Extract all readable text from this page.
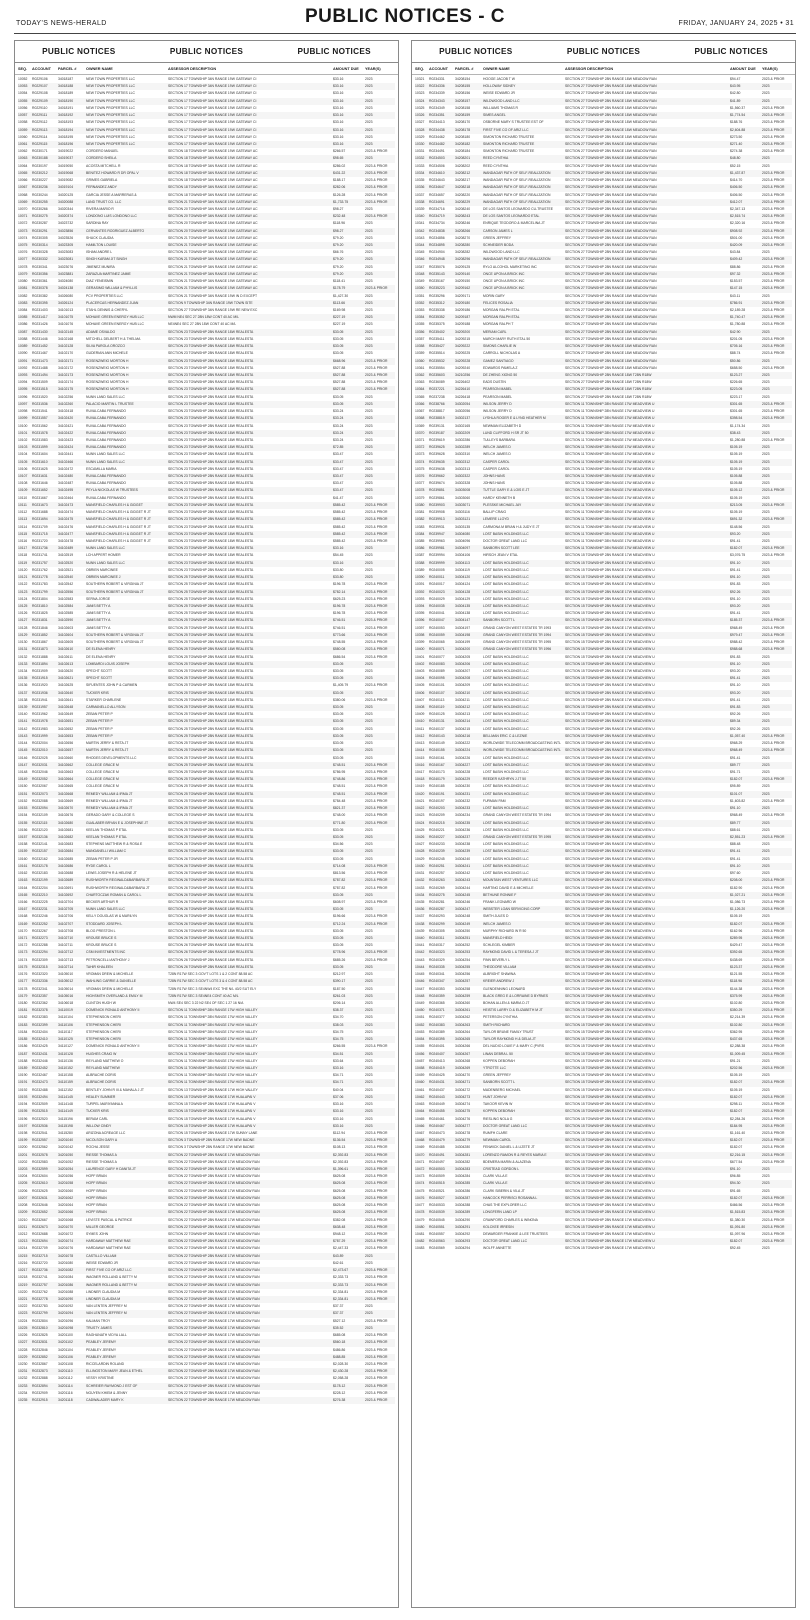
TODAY'S NEWS-HERALD	PUBLIC NOTICES - C	FRIDAY, JANUARY 24, 2025 • 31
PUBLIC NOTICES	PUBLIC NOTICES	PUBLIC NOTICES
SEQ.	ACCOUNT	PARCEL #	OWNER NAME	ASSESSOR DESCRIPTION	AMOUNT DUE	YEAR(S)
10052	R0229106	34018187	NEW TOWN PROPERTIES LLC	SECTION 17 TOWNSHIP 34N RANGE 19W GATEWAY CI	$33.16	2023
10053	R0229107	34018188	NEW TOWN PROPERTIES LLC	SECTION 17 TOWNSHIP 34N RANGE 19W GATEWAY CI	$33.16	2023
10054	R0229108	34018189	NEW TOWN PROPERTIES LLC	SECTION 17 TOWNSHIP 34N RANGE 19W GATEWAY CI	$33.16	2023
10055	R0229109	34018190	NEW TOWN PROPERTIES LLC	SECTION 17 TOWNSHIP 34N RANGE 19W GATEWAY CI	$33.16	2023
10056	R0229110	34018191	NEW TOWN PROPERTIES LLC	SECTION 17 TOWNSHIP 34N RANGE 19W GATEWAY CI	$33.16	2023
10057	R0229111	34018192	NEW TOWN PROPERTIES LLC	SECTION 17 TOWNSHIP 34N RANGE 19W GATEWAY CI	$33.16	2023
10058	R0229112	34018193	NEW TOWN PROPERTIES LLC	SECTION 17 TOWNSHIP 34N RANGE 19W GATEWAY CI	$33.16	2023
10059	R0229113	34018194	NEW TOWN PROPERTIES LLC	SECTION 17 TOWNSHIP 34N RANGE 19W GATEWAY CI	$33.16	2023
10060	R0229114	34018195	NEW TOWN PROPERTIES LLC	SECTION 17 TOWNSHIP 34N RANGE 19W GATEWAY CI	$33.16	2023
10061	R0229115	34018196	NEW TOWN PROPERTIES LLC	SECTION 17 TOWNSHIP 34N RANGE 19W GATEWAY CI	$33.16	2023
10062	R0230171	34019022	CORDERO MANUEL	SECTION 18 TOWNSHIP 34N RANGE 19W GATEWAY AC	$266.57	2023 & PRIOR
10063	R0230188	34019037	CORDERO SHEILA	SECTION 18 TOWNSHIP 34N RANGE 19W GATEWAY AC	$98.65	2023
10064	R0230197	34019050	ACOSTA MITCHELL R	SECTION 18 TOWNSHIP 34N RANGE 19W GATEWAY AC	$286.02	2023 & PRIOR
10065	R0230212	34019068	BENITEZ HOWARD R DR OPAL V	SECTION 18 TOWNSHIP 34N RANGE 19W GATEWAY AC	$431.22	2023 & PRIOR
10066	R0230227	34019082	GRIMES GABRIELA	SECTION 18 TOWNSHIP 34N RANGE 19W GATEWAY AC	$188.17	2023 & PRIOR
10067	R0230236	34019104	FERNANDEZ ANDY	SECTION 18 TOWNSHIP 34N RANGE 19W GATEWAY AC	$282.06	2023 & PRIOR
10068	R0230244	34020125	GARCIA JESSE A MARRERAS &	SECTION 18 TOWNSHIP 34N RANGE 19W GATEWAY AC	$126.28	2023 & PRIOR
10069	R0230255	34020088	LAND TRUST CO. LLC	SECTION 21 TOWNSHIP 34N RANGE 19W GATEWAY AC	$1,733.75	2023 & PRIOR
10070	R0230266	34020344	RIVERA MARIO R	SECTION 20 TOWNSHIP 34N RANGE 19W GATEWAY AC	$98.27	2023
10071	R0230275	34020374	LONDONO LUIS LONDONO LLC	SECTION 20 TOWNSHIP 34N RANGE 19W GATEWAY AC	$232.48	2023 & PRIOR
10072	R0230287	34023732	SARDINA RAY	SECTION 20 TOWNSHIP 34N RANGE 19W GATEWAY AC	$118.96	2023
10073	R0230291	34023856	CERVANTES RODRIGUEZ ALBERTO	SECTION 20 TOWNSHIP 34N RANGE 19W GATEWAY AC	$98.27	2023
10074	R0230305	34023526	SHUCK CLAUDIA	SECTION 21 TOWNSHIP 34N RANGE 19W GATEWAY AC	$79.20	2023
10075	R0230314	34023305	HAMILTON LOUISE	SECTION 21 TOWNSHIP 34N RANGE 19W GATEWAY AC	$79.20	2023
10076	R0230328	34023083	ISHAM ANDRE L	SECTION 21 TOWNSHIP 34N RANGE 19W GATEWAY AC	$66.76	2023
10077	R0230332	34023081	SINGH KARAM JIT SINGH	SECTION 21 TOWNSHIP 34N RANGE 19W GATEWAY AC	$79.20	2023
10078	R0230341	34023076	JIMENEZ MUNIRA	SECTION 21 TOWNSHIP 34N RANGE 19W GATEWAY AC	$79.20	2023
10079	R0230356	34023881	ZARAZUA MARTINEZ JAIME	SECTION 21 TOWNSHIP 34N RANGE 19W GATEWAY AC	$79.20	2023
10080	R0230361	34024080	DIAZ YENEISMIN	SECTION 21 TOWNSHIP 34N RANGE 19W GATEWAY AC	$118.41	2023
10081	R0230378	34024138	GERASIMO WILLIAM & PHYLLIS	SECTION 21 TOWNSHIP 34N RANGE 19W GATEWAY AC	$178.79	2023 & PRIOR
10082	R0230382	34026080	PCV PROPERTIES LLC	SECTION 21 TOWNSHIP 34N RANGE 19W IN D EXCEPT	$1,427.30	2023
10083	R0230395	34026124	PLACERCAS HERNANDEZ JUAN	SECTION 9 TOWNSHIP 34N RANGE 19W TOWN SITE	$113.66	2023
10084	R0231403	34101013	STAHL DENNIS & CHERYL	SECTION 27 TOWNSHIP 34N RANGE 19W RE NEW EXC	$169.98	2023
10085	R0231417	34101075	MOHAVE GREEN ENERGY HUB LLC	NWM NE4 SEC 27 28N 18W CONT 40 AC M/L	$227.19	2023
10086	R0231426	34101076	MOHAVE GREEN ENERGY HUB LLC	NE4NE4 SEC 27 28N 18W CONT 40 AC M/L	$227.19	2023
10087	R0231430	34102145	ADAME OSVALDO	SECTION 23 TOWNSHIP 28N RANGE 18W REALESTA	$33.05	2023
10088	R0231446	34102168	MITCHELL DELBERT H & THELMA	SECTION 23 TOWNSHIP 28N RANGE 18W REALESTA	$33.05	2023
10089	R0231452	34102128	SILVA PAROLA OROZCO	SECTION 23 TOWNSHIP 28N RANGE 18W REALESTA	$33.05	2023
10090	R0231467	34102170	GUDERIAN ANN MICHELE	SECTION 23 TOWNSHIP 28N RANGE 18W REALESTA	$33.05	2023
10091	R0231473	34102171	ROSENZWEIG MORTON H	SECTION 23 TOWNSHIP 28N RANGE 18W REALESTA	$668.96	2023 & PRIOR
10092	R0231488	34102172	ROSENZWEIG MORTON H	SECTION 23 TOWNSHIP 28N RANGE 18W REALESTA	$527.88	2023 & PRIOR
10093	R0231494	34102173	ROSENZWEIG MORTON H	SECTION 23 TOWNSHIP 28N RANGE 18W REALESTA	$527.88	2023 & PRIOR
10094	R0231509	34102174	ROSENZWEIG MORTON H	SECTION 23 TOWNSHIP 28N RANGE 18W REALESTA	$527.88	2023 & PRIOR
10095	R0231515	34102175	ROSENZWEIG MORTON H	SECTION 23 TOWNSHIP 28N RANGE 18W REALESTA	$527.88	2023 & PRIOR
10096	R0231520	34102256	NUNN LAND SALES LLC	SECTION 23 TOWNSHIP 28N RANGE 18W REALESTA	$33.05	2023
10097	R0231536	34102260	PALACIO MARTIN L TRUSTEE	SECTION 23 TOWNSHIP 28N RANGE 18W REALESTA	$33.05	2023
10098	R0231541	34102418	RUVALCABA FERNANDO	SECTION 23 TOWNSHIP 28N RANGE 18W REALESTA	$33.24	2023
10099	R0231557	34102420	RUVALCABA FERNANDO	SECTION 23 TOWNSHIP 28N RANGE 18W REALESTA	$33.24	2023
10100	R0231562	34102421	RUVALCABA FERNANDO	SECTION 23 TOWNSHIP 28N RANGE 18W REALESTA	$33.24	2023
10101	R0231578	34102422	RUVALCABA FERNANDO	SECTION 23 TOWNSHIP 28N RANGE 18W REALESTA	$33.24	2023
10102	R0231583	34102423	RUVALCABA FERNANDO	SECTION 23 TOWNSHIP 28N RANGE 18W REALESTA	$33.24	2023
10103	R0231599	34102424	RUVALCABA FERNANDO	SECTION 23 TOWNSHIP 28N RANGE 18W REALESTA	$72.85	2023
10104	R0231604	34102441	NUNN LAND SALES LLC	SECTION 23 TOWNSHIP 28N RANGE 18W REALESTA	$33.47	2023
10105	R0231610	34102466	NUNN LAND SALES LLC	SECTION 23 TOWNSHIP 28N RANGE 18W REALESTA	$33.47	2023
10106	R0231625	34102472	ESCAMILLA MARIA	SECTION 23 TOWNSHIP 28N RANGE 18W REALESTA	$33.47	2023
10107	R0231631	34102480	RUVALCABA FERNANDO	SECTION 23 TOWNSHIP 28N RANGE 18W REALESTA	$33.47	2023
10108	R0231646	34102487	RUVALCABA FERNANDO	SECTION 23 TOWNSHIP 28N RANGE 18W REALESTA	$33.47	2023
10109	R0231652	34102495	PEYLA NICKOLAS W TRUSTEES	SECTION 23 TOWNSHIP 28N RANGE 18W REALESTA	$33.47	2023
10110	R0231667	34102464	RUVALCABA FERNANDO	SECTION 23 TOWNSHIP 28N RANGE 18W REALESTA	$41.47	2023
10111	R0231673	34102473	MANSFIELD CHARLES H & GIDGET	SECTION 23 TOWNSHIP 28N RANGE 18W REALESTA	$585.42	2023 & PRIOR
10112	R0231688	34102474	MANSFIELD CHARLES H & GIDGET R JT	SECTION 23 TOWNSHIP 28N RANGE 18W REALESTA	$585.42	2023 & PRIOR
10113	R0231694	34102475	MANSFIELD CHARLES H & GIDGET R JT	SECTION 23 TOWNSHIP 28N RANGE 18W REALESTA	$585.42	2023 & PRIOR
10114	R0231709	34102476	MANSFIELD CHARLES H & GIDGET R JT	SECTION 23 TOWNSHIP 28N RANGE 18W REALESTA	$585.42	2023 & PRIOR
10115	R0231715	34102477	MANSFIELD CHARLES H & GIDGET R JT	SECTION 23 TOWNSHIP 28N RANGE 18W REALESTA	$585.42	2023 & PRIOR
10116	R0231720	34102478	MANSFIELD CHARLES H & GIDGET R JT	SECTION 23 TOWNSHIP 28N RANGE 18W REALESTA	$585.42	2023 & PRIOR
10117	R0231736	34102489	NUNN LAND SALES LLC	SECTION 23 TOWNSHIP 28N RANGE 18W REALESTA	$33.16	2023
10118	R0231741	34102519	LCH APPERT HOMER	SECTION 23 TOWNSHIP 28N RANGE 18W REALESTA	$54.45	2023
10119	R0231757	34102520	NUNN LAND SALES LLC	SECTION 23 TOWNSHIP 28N RANGE 18W REALESTA	$33.16	2023
10120	R0231762	34102521	OBRIEN MARCINEE	SECTION 23 TOWNSHIP 28N RANGE 18W REALESTA	$33.80	2023
10121	R0231778	34102540	OBRIEN MARCINEE J	SECTION 25 TOWNSHIP 28N RANGE 18W REALESTA	$33.80	2023
10122	R0231783	34102542	SOUTHERN ROBERT & VIRGINIA JT	SECTION 25 TOWNSHIP 28N RANGE 18W REALESTA	$196.78	2023 & PRIOR
10123	R0231799	34102556	SOUTHERN ROBERT & VIRGINIA JT	SECTION 25 TOWNSHIP 28N RANGE 18W REALESTA	$782.14	2023 & PRIOR
10124	R0231804	34102583	SERNA JORGE	SECTION 25 TOWNSHIP 28N RANGE 18W REALESTA	$625.23	2023 & PRIOR
10125	R0231810	34102584	JANIS BETTY A	SECTION 25 TOWNSHIP 28N RANGE 18W REALESTA	$196.78	2023 & PRIOR
10126	R0231825	34102585	JANIS BETTY A	SECTION 25 TOWNSHIP 28N RANGE 18W REALESTA	$196.78	2023 & PRIOR
10127	R0231831	34102590	JANIS BETTY A	SECTION 25 TOWNSHIP 28N RANGE 18W REALESTA	$746.51	2023 & PRIOR
10128	R0231846	34102603	JANIS BETTY A	SECTION 25 TOWNSHIP 28N RANGE 18W REALESTA	$746.51	2023 & PRIOR
10129	R0231852	34102604	SOUTHERN ROBERT & VIRGINIA JT	SECTION 25 TOWNSHIP 28N RANGE 18W REALESTA	$773.66	2023 & PRIOR
10130	R0231867	34102605	SOUTHERN ROBERT & VIRGINIA JT	SECTION 25 TOWNSHIP 28N RANGE 18W REALESTA	$748.55	2023 & PRIOR
10131	R0231873	34102610	DE ELENA HENRY	SECTION 25 TOWNSHIP 28N RANGE 18W REALESTA	$580.08	2023 & PRIOR
10132	R0231888	34102611	DE ELENA HENRY	SECTION 25 TOWNSHIP 28N RANGE 18W REALESTA	$686.54	2023 & PRIOR
10133	R0231894	34102613	LOMBARDI LOUIS JOSEPH	SECTION 25 TOWNSHIP 28N RANGE 18W REALESTA	$33.05	2023
10134	R0231909	34102620	SPECHT SCOTT	SECTION 25 TOWNSHIP 28N RANGE 18W REALESTA	$33.05	2023
10135	R0231915	34102621	SPECHT SCOTT	SECTION 25 TOWNSHIP 28N RANGE 18W REALESTA	$33.05	2023
10136	R0231920	34102625	SIFUENTES JOHN P & CARMEN	SECTION 25 TOWNSHIP 28N RANGE 18W REALESTA	$1,405.79	2023 & PRIOR
10137	R0231936	34102640	TUCKER KRIS	SECTION 25 TOWNSHIP 28N RANGE 18W REALESTA	$33.05	2023
10138	R0231941	34102641	STARKER CHARLENE	SECTION 25 TOWNSHIP 28N RANGE 18W REALESTA	$380.06	2023 & PRIOR
10139	R0231957	34102648	CARMANELLO ALLYSON	SECTION 25 TOWNSHIP 28N RANGE 18W REALESTA	$33.05	2023
10140	R0231962	34102649	ZEBAN PETER P	SECTION 25 TOWNSHIP 28N RANGE 18W REALESTA	$33.05	2023
10141	R0231978	34102651	ZEBAN PETER P	SECTION 25 TOWNSHIP 28N RANGE 18W REALESTA	$33.05	2023
10142	R0231983	34102652	ZEBAN PETER P	SECTION 25 TOWNSHIP 28N RANGE 18W REALESTA	$33.05	2023
10143	R0231999	34102653	ZEBAN PETER P	SECTION 25 TOWNSHIP 28N RANGE 18W REALESTA	$33.05	2023
10144	R0232004	34102656	MARTIN JERRY & RETA JT	SECTION 25 TOWNSHIP 28N RANGE 18W REALESTA	$33.05	2023
10145	R0232010	34102657	MARTIN JERRY & RETA JT	SECTION 25 TOWNSHIP 28N RANGE 18W REALESTA	$33.05	2023
10146	R0232025	34102660	RHODES DEVELOPMENTS LLC	SECTION 25 TOWNSHIP 28N RANGE 18W REALESTA	$33.05	2023
10147	R0232031	34102662	COLLEGE GRACE M	SECTION 25 TOWNSHIP 28N RANGE 18W REALESTA	$748.51	2023 & PRIOR
10148	R0232046	34102663	COLLEGE GRACE M	SECTION 25 TOWNSHIP 28N RANGE 18W REALESTA	$786.95	2023 & PRIOR
10149	R0232052	34102664	COLLEGE GRACE M	SECTION 25 TOWNSHIP 28N RANGE 18W REALESTA	$748.86	2023 & PRIOR
10150	R0232067	34102665	COLLEGE GRACE M	SECTION 25 TOWNSHIP 28N RANGE 18W REALESTA	$748.51	2023 & PRIOR
10151	R0232073	34102668	REMEDY WILLIAM & IRMA JT	SECTION 25 TOWNSHIP 28N RANGE 18W REALESTA	$748.51	2023 & PRIOR
10152	R0232088	34102669	REMEDY WILLIAM & IRMA JT	SECTION 25 TOWNSHIP 28N RANGE 18W REALESTA	$784.48	2023 & PRIOR
10153	R0232094	34102670	REMEDY WILLIAM & IRMA JT	SECTION 25 TOWNSHIP 28N RANGE 18W REALESTA	$821.37	2023 & PRIOR
10154	R0232109	34102676	GERADO GARY & COLLEGE S	SECTION 25 TOWNSHIP 28N RANGE 18W REALESTA	$748.00	2023 & PRIOR
10155	R0232115	34102680	GUALABER BRYAN E & JOSEPHINE JT	SECTION 25 TOWNSHIP 28N RANGE 18W REALESTA	$771.80	2023 & PRIOR
10156	R0232120	34102681	KEELAN THOMAS P ETAL	SECTION 25 TOWNSHIP 28N RANGE 18W REALESTA	$33.05	2023
10157	R0232136	34102682	KEELAN THOMAS P ETAL	SECTION 25 TOWNSHIP 28N RANGE 18W REALESTA	$33.05	2023
10158	R0232141	34102683	STEPHENS MATTHEW R & ROSA E	SECTION 26 TOWNSHIP 28N RANGE 18W REALESTA	$34.56	2023
10159	R0232157	34102684	MANGANELLI WILLIAM C	SECTION 26 TOWNSHIP 28N RANGE 18W REALESTA	$33.05	2023
10160	R0232162	34102685	ZEBAN PETER P JR	SECTION 26 TOWNSHIP 28N RANGE 18W REALESTA	$33.05	2023
10161	R0232178	34102686	RYDE CAROL L	SECTION 26 TOWNSHIP 28N RANGE 18W REALESTA	$714.08	2023 & PRIOR
10162	R0232183	34102688	LEWIS JOSEPH R & HELENE JT	SECTION 26 TOWNSHIP 28N RANGE 18W REALESTA	$813.56	2023 & PRIOR
10163	R0232199	34102689	RUSHWORTH REGINALD&BARBARA JT	SECTION 26 TOWNSHIP 28N RANGE 18W REALESTA	$787.82	2023 & PRIOR
10164	R0232204	34102691	RUSHWORTH REGINALD&BARBARA JT	SECTION 26 TOWNSHIP 28N RANGE 18W REALESTA	$787.82	2023 & PRIOR
10165	R0232210	34102692	CHARTOCZAK ROMAN & CAROL L	SECTION 26 TOWNSHIP 28N RANGE 18W REALESTA	$33.05	2023
10166	R0232225	34102704	BECKER ARTHUR R	SECTION 26 TOWNSHIP 28N RANGE 18W REALESTA	$608.97	2023 & PRIOR
10167	R0232231	34102705	NUNN LAND SALES LLC	SECTION 26 TOWNSHIP 28N RANGE 18W REALESTA	$33.05	2023
10168	R0232246	34102706	KELLY DOUGLAS W & MARILYN	SECTION 26 TOWNSHIP 28N RANGE 18W REALESTA	$196.66	2023 & PRIOR
10169	R0232252	34102707	STODDARD JOSEPH L	SECTION 26 TOWNSHIP 28N RANGE 18W REALESTA	$712.24	2023 & PRIOR
10170	R0232267	34102708	BLOG PRESTON L	SECTION 26 TOWNSHIP 28N RANGE 18W REALESTA	$33.05	2023
10171	R0232273	34102710	KROUSE BRUCE S	SECTION 26 TOWNSHIP 28N RANGE 18W REALESTA	$33.05	2023
10172	R0232288	34102711	KROUSE BRUCE S	SECTION 26 TOWNSHIP 28N RANGE 18W REALESTA	$33.05	2023
10173	R0232294	34102712	CSM INVESTMENTS INC	SECTION 26 TOWNSHIP 28N RANGE 18W REALESTA	$778.96	2023 & PRIOR
10174	R0232309	34102713	PETRONCELLI ANTHONY J	SECTION 26 TOWNSHIP 28N RANGE 18W REALESTA	$685.26	2023 & PRIOR
10175	R0232315	34102714	TAHIR KHALEEN	SECTION 26 TOWNSHIP 28N RANGE 18W REALESTA	$33.05	2023
10176	R0232320	34105010	VROMAN DREW & MICHELLE	T28N R17W SEC 3 GOV'T LOTS 1 & 2 CONT 88.58 AC	$212.97	2023
10177	R0232336	34105012	WAHLING CARRIE & DANIELLE	T28N R17W SEC 3 GOV'T LOTS 3 & 4 CONT 88.58 AC	$390.17	2023
10178	R0232341	34105014	VROMAN DREW & MICHELLE	T28N R17W SEC 3 SE4NW4 EXC THE N/L 40/2 SUT ELY	$187.50	2023
10179	R0232357	34105016	HIGHSMITH OVERLAND & EMILY M	T28N R17W SEC 3 SE4NE4 CONT 40 AC M/L	$261.03	2023
10180	R0232362	34106018	CLINTON HUGH W	NW4 SE4 SEC 3 22 N2 SE4 OF SEC 1 27 16 N/A	$206.14	2023
10181	R0232378	34110019	DOMENICK RONALD ANTHONY II	SECTION 11 TOWNSHIP 28N RANGE 17W HIGH VALLEY	$38.37	2023
10182	R0232383	34110104	STEPHENSON CHERI	SECTION 11 TOWNSHIP 28N RANGE 17W HIGH VALLEY	$34.70	2023
10183	R0232399	34110106	STEPHENSON CHERI	SECTION 11 TOWNSHIP 28N RANGE 17W HIGH VALLEY	$38.03	2023
10184	R0232404	34110117	STEPHENSON CHERI	SECTION 11 TOWNSHIP 28N RANGE 17W HIGH VALLEY	$34.75	2023
10185	R0232410	34110125	STEPHENSON CHERI	SECTION 11 TOWNSHIP 28N RANGE 17W HIGH VALLEY	$34.75	2023
10186	R0232425	34110127	DOMENICK RONALD ANTHONY II	SECTION 11 TOWNSHIP 28N RANGE 17W HIGH VALLEY	$266.55	2023 & PRIOR
10187	R0232431	34110128	HUGHES CRAIG W	SECTION 11 TOWNSHIP 28N RANGE 17W HIGH VALLEY	$34.51	2023
10188	R0232446	34110136	REYLAND MATTHEW O	SECTION 11 TOWNSHIP 28N RANGE 17W HIGH VALLEY	$33.64	2023
10189	R0232452	34110152	REYLAND MATTHEW	SECTION 11 TOWNSHIP 28N RANGE 17W HIGH VALLEY	$33.16	2023
10190	R0232467	34110158	ALBRACHE DORIS	SECTION 11 TOWNSHIP 28N RANGE 17W HIGH VALLEY	$34.71	2023
10191	R0232473	34110159	ALBRACHE DORIS	SECTION 11 TOWNSHIP 28N RANGE 17W HIGH VALLEY	$34.71	2023
10192	R0232488	34112152	BENTLEY JOHN R III & MAHALA J JT	SECTION 13 TOWNSHIP 28N RANGE 17W HIGH VALLEY	$40.04	2023
10193	R0232494	34114145	HEALEY SUMMER	SECTION 15 TOWNSHIP 28N RANGE 17W HUALAPAI V	$37.06	2023
10194	R0232509	34114148	TURPEL MARIYANNA A	SECTION 15 TOWNSHIP 28N RANGE 17W HUALAPAI V	$33.16	2023
10195	R0232515	34114149	TUCKER KRIS	SECTION 15 TOWNSHIP 28N RANGE 17W HUALAPAI V	$33.16	2023
10196	R0232520	34115196	BERAM CARL	SECTION 15 TOWNSHIP 28N RANGE 17W HUALAPAI V	$33.16	2023
10197	R0232536	34115198	WILLOW CINDY	SECTION 15 TOWNSHIP 28N RANGE 17W HUALAPAI V	$33.16	2023
10198	R0232541	34115280	ARIZONA ACREAGE LLC	SECTION 15 TOWNSHIP 28N RANGE 17W SUNNY LANE	$112.94	2023 & PRIOR
10199	R0232557	34201040	NICOLSON GARY A	SECTION 3 TOWNSHIP 28N RANGE 17W NEW BADNE	$136.54	2023 & PRIOR
10200	R0232562	34201042	ROCHA JESSE	SECTION 3 TOWNSHIP 28N RANGE 17W NEW BADNE	$108.13	2023 & PRIOR
10201	R0232578	34201050	RIESSE THOMAS A	SECTION 22 TOWNSHIP 28N RANGE 17W MEADOW RAN	$2,392.83	2023 & PRIOR
10202	R0232583	34201052	RIESSE THOMAS A	SECTION 22 TOWNSHIP 28N RANGE 17W MEADOW RAN	$2,392.83	2023 & PRIOR
10203	R0232599	34201054	LAURENCE GARY H DANITA JT	SECTION 22 TOWNSHIP 28N RANGE 17W MEADOW RAN	$1,396.61	2023 & PRIOR
10204	R0232604	34201056	HOPF BRIAN	SECTION 22 TOWNSHIP 28N RANGE 17W MEADOW RAN	$625.08	2023 & PRIOR
10205	R0232610	34201058	HOPF BRIAN	SECTION 22 TOWNSHIP 28N RANGE 17W MEADOW RAN	$625.08	2023 & PRIOR
10206	R0232625	34201060	HOPF BRIAN	SECTION 22 TOWNSHIP 28N RANGE 17W MEADOW RAN	$625.08	2023 & PRIOR
10207	R0232631	34201062	HOPF BRIAN	SECTION 22 TOWNSHIP 28N RANGE 17W MEADOW RAN	$625.08	2023 & PRIOR
10208	R0232646	34201064	HOPF BRIAN	SECTION 22 TOWNSHIP 28N RANGE 17W MEADOW RAN	$625.08	2023 & PRIOR
10209	R0232652	34201066	HOPF BRIAN	SECTION 22 TOWNSHIP 28N RANGE 17W MEADOW RAN	$625.08	2023 & PRIOR
10210	R0232667	34201068	LEVISTE PASCAL & PATRICE	SECTION 22 TOWNSHIP 28N RANGE 17W MEADOW RAN	$382.08	2023 & PRIOR
10211	R0232673	34201070	MILLER GEORGE	SECTION 22 TOWNSHIP 28N RANGE 17W MEADOW RAN	$638.48	2023 & PRIOR
10212	R0232688	34201072	SYMES JOHN	SECTION 22 TOWNSHIP 28N RANGE 17W MEADOW RAN	$948.12	2023 & PRIOR
10213	R0232694	34201074	HARDAWAY MATTHEW RAE	SECTION 22 TOWNSHIP 28N RANGE 17W MEADOW RAN	$787.29	2023 & PRIOR
10214	R0232709	34201076	HARDAWAY MATTHEW RAE	SECTION 22 TOWNSHIP 28N RANGE 17W MEADOW RAN	$2,447.33	2023 & PRIOR
10215	R0232715	34201078	CASTILLO VILLIAM	SECTION 22 TOWNSHIP 28N RANGE 17W MEADOW RAN	$43.89	2023
10216	R0232720	34201080	WEISE EDWARD JR	SECTION 22 TOWNSHIP 28N RANGE 17W MEADOW RAN	$42.61	2023
10217	R0232736	34201082	FIRST FIVE CO OF ARIZ LLC	SECTION 22 TOWNSHIP 28N RANGE 17W MEADOW RAN	$2,473.67	2023 & PRIOR
10218	R0232741	34201084	WAGNER ROLLAND & BETTY M	SECTION 22 TOWNSHIP 28N RANGE 17W MEADOW RAN	$2,333.73	2023 & PRIOR
10219	R0232757	34201086	WAGNER ROLLAND & BETTY M	SECTION 22 TOWNSHIP 28N RANGE 17W MEADOW RAN	$2,333.73	2023 & PRIOR
10220	R0232762	34201088	LINDNER CLAUDIA M	SECTION 22 TOWNSHIP 28N RANGE 17W MEADOW RAN	$2,334.81	2023 & PRIOR
10221	R0232778	34201090	LINDNER CLAUDIA M	SECTION 22 TOWNSHIP 28N RANGE 17W MEADOW RAN	$2,334.81	2023 & PRIOR
10222	R0232783	34201092	VAN LENTEN JEFFREY M	SECTION 22 TOWNSHIP 28N RANGE 17W MEADOW RAN	$37.37	2023
10223	R0232799	34201094	VAN LENTEN JEFFREY M	SECTION 22 TOWNSHIP 28N RANGE 17W MEADOW RAN	$37.37	2023
10224	R0232804	34201096	KALMAN TROY	SECTION 22 TOWNSHIP 28N RANGE 17W MEADOW RAN	$527.12	2023 & PRIOR
10225	R0232810	34201098	TRUSTY JAMES	SECTION 22 TOWNSHIP 28N RANGE 17W MEADOW RAN	$35.52	2023
10226	R0232825	34201100	RAGHUNATH VIDYA LALL	SECTION 22 TOWNSHIP 28N RANGE 17W MEADOW RAN	$685.08	2023 & PRIOR
10227	R0232831	34201102	PEABLEY JEREMY	SECTION 22 TOWNSHIP 28N RANGE 17W MEADOW RAN	$560.18	2023 & PRIOR
10228	R0232846	34201104	PEABLEY JEREMY	SECTION 22 TOWNSHIP 28N RANGE 17W MEADOW RAN	$486.86	2023 & PRIOR
10229	R0232852	34201106	PEABLEY JEREMY	SECTION 22 TOWNSHIP 28N RANGE 17W MEADOW RAN	$488.85	2023 & PRIOR
10230	R0232867	34201108	RICCELARDIN ROLAND	SECTION 22 TOWNSHIP 28N RANGE 17W MEADOW RAN	$2,028.30	2023 & PRIOR
10231	R0232873	34201110	ELLINGSTON MARY JEAN & ETHEL	SECTION 22 TOWNSHIP 28N RANGE 17W MEADOW RAN	$2,430.28	2023 & PRIOR
10232	R0232888	34201112	VESSY KRISTINE	SECTION 22 TOWNSHIP 28N RANGE 17W MEADOW RAN	$2,058.28	2023 & PRIOR
10233	R0232894	34201114	SCHREIER RAYMOND J EST OF	SECTION 22 TOWNSHIP 28N RANGE 17W MEADOW RAN	$178.12	2023 & PRIOR
10234	R0232909	34201116	NGUYEN KHIEM & JENNY	SECTION 22 TOWNSHIP 28N RANGE 17W MEADOW RAN	$228.12	2023 & PRIOR
10235	R0232915	34201118	CADWALADER MARY K	SECTION 22 TOWNSHIP 28N RANGE 17W MEADOW RAN	$276.38	2023 & PRIOR
PUBLIC NOTICES	PUBLIC NOTICES	PUBLIC NOTICES
SEQ.	ACCOUNT	PARCEL #	OWNER NAME	ASSESSOR DESCRIPTION	AMOUNT DUE	YEAR(S)
10321	R0234331	34208154	HOOGE JACOB T W	SECTION 27 TOWNSHIP 28N RANGE 18W MEADOW RAN	$94.47	2023 & PRIOR
10322	R0234336	34208155	HOLLOWAY SIDNEY	SECTION 27 TOWNSHIP 28N RANGE 18W MEADOW RAN	$43.95	2023
10323	R0234339	34208156	WEISE EDWARD JR	SECTION 27 TOWNSHIP 28N RANGE 18W MEADOW RAN	$42.80	2023
10324	R0234343	34208157	WILDWOOD LAND LLC	SECTION 27 TOWNSHIP 28N RANGE 18W MEADOW RAN	$41.89	2023
10325	R0234349	34208158	WILLIAMS THOMAS R	SECTION 27 TOWNSHIP 28N RANGE 18W MEADOW RAN	$1,560.37	2023 & PRIOR
10326	R0234351	34208159	SIMES ANGEL	SECTION 27 TOWNSHIP 28N RANGE 18W MEADOW RAN	$1,774.54	2023 & PRIOR
10327	R0234413	34208170	OSBORNE MARY S TRUSTEE EST OF	SECTION 27 TOWNSHIP 28N RANGE 18W MEADOW RAN	$188.76	2023 & PRIOR
10328	R0234438	34208178	FIRST FIVE CO OF ARIZ LLC	SECTION 27 TOWNSHIP 28N RANGE 18W MEADOW RAN	$2,604.88	2023 & PRIOR
10329	R0234462	34208180	SIMONTON RICHARD TRUSTEE	SECTION 27 TOWNSHIP 28N RANGE 18W MEADOW RAN	$273.50	2023 & PRIOR
10330	R0234482	34208182	SIMONTON RICHARD TRUSTEE	SECTION 27 TOWNSHIP 28N RANGE 18W MEADOW RAN	$271.40	2023 & PRIOR
10331	R0234491	34208184	SIMONTON RICHARD TRUSTEE	SECTION 27 TOWNSHIP 28N RANGE 18W MEADOW RAN	$274.38	2023 & PRIOR
10332	R0234503	34208201	REED CYNTHIA	SECTION 27 TOWNSHIP 28N RANGE 18W MEADOW RAN	$48.80	2023
10333	R0234506	34208202	REED CYNTHIA	SECTION 27 TOWNSHIP 28N RANGE 18W MEADOW RAN	$52.15	2023
10334	R0234610	34208212	WANDAGAR PATH OF SELF-REALIZATION	SECTION 27 TOWNSHIP 28N RANGE 18W MEADOW RAN	$1,437.87	2023 & PRIOR
10335	R0234643	34208217	WANDAGAR PATH OF SELF-REALIZATION	SECTION 27 TOWNSHIP 28N RANGE 18W MEADOW RAN	$414.70	2023 & PRIOR
10336	R0234647	34208218	WANDAGAR PATH OF SELF-REALIZATION	SECTION 27 TOWNSHIP 28N RANGE 18W MEADOW RAN	$406.50	2023 & PRIOR
10337	R0234657	34208220	WANDAGAR PATH OF SELF-REALIZATION	SECTION 27 TOWNSHIP 28N RANGE 18W MEADOW RAN	$406.50	2023 & PRIOR
10338	R0234691	34208229	WANDAGAR PATH OF SELF-REALIZATION	SECTION 27 TOWNSHIP 28N RANGE 18W MEADOW RAN	$412.07	2023 & PRIOR
10339	R0234716	34208240	DE LOS SANTOS LEONARDO CU-TRUSTEE	SECTION 27 TOWNSHIP 28N RANGE 18W MEADOW RAN	$2,347.13	2023 & PRIOR
10340	R0234719	34208243	DE LOS SANTOS LEONARDO ETAL	SECTION 27 TOWNSHIP 28N RANGE 18W MEADOW RAN	$2,515.74	2023 & PRIOR
10341	R0234734	34208246	ENRIQUE TEODORO & MARCELINA JT	SECTION 27 TOWNSHIP 28N RANGE 18W MEADOW RAN	$2,320.16	2023 & PRIOR
10342	R0234838	34208266	CARSON JAMES L	SECTION 27 TOWNSHIP 28N RANGE 18W MEADOW RAN	$908.92	2023 & PRIOR
10343	R0234856	34208270	GREEN JEFFREY	SECTION 27 TOWNSHIP 28N RANGE 18W MEADOW RAN	$501.00	2023 & PRIOR
10344	R0234895	34208280	SCHNEIDER BODA	SECTION 27 TOWNSHIP 28N RANGE 18W MEADOW RAN	$420.09	2023 & PRIOR
10345	R0234904	34208282	WILDWOOD LAND LLC	SECTION 27 TOWNSHIP 28N RANGE 18W MEADOW RAN	$43.84	2023
10346	R0234948	34208296	WANDAGAR PATH OF SELF-REALIZATION	SECTION 27 TOWNSHIP 28N RANGE 18W MEADOW RAN	$409.42	2023 & PRIOR
10347	R0235076	34209125	RYLO ALCOHOL MARKETING INC	SECTION 27 TOWNSHIP 28N RANGE 18W MEADOW RAN	$88.86	2023 & PRIOR
10348	R0235143	34209140	ONCE UPON A BRICK INC	SECTION 27 TOWNSHIP 28N RANGE 18W MEADOW RAN	$97.32	2023 & PRIOR
10349	R0235167	34209150	ONCE UPON A BRICK INC	SECTION 27 TOWNSHIP 28N RANGE 18W MEADOW RAN	$153.57	2023 & PRIOR
10350	R0235223	34209162	ONCE UPON A BRICK INC	SECTION 27 TOWNSHIP 28N RANGE 18W MEADOW RAN	$147.15	2023 & PRIOR
10351	R0235296	34209171	MORIN GARY	SECTION 27 TOWNSHIP 28N RANGE 18W MEADOW RAN	$43.11	2023
10352	R0235312	34209180	FELICES ROSALIA	SECTION 27 TOWNSHIP 28N RANGE 18W MEADOW RAN	$786.91	2023 & PRIOR
10353	R0235338	34209186	MORGAN RALPH ETAL	SECTION 27 TOWNSHIP 28N RANGE 18W MEADOW RAN	$2,189.28	2023 & PRIOR
10354	R0235352	34209187	MORGAN RALPH ETAL	SECTION 27 TOWNSHIP 28N RANGE 18W MEADOW RAN	$1,740.47	2023 & PRIOR
10355	R0235375	34209188	MORGAN RALPH T	SECTION 27 TOWNSHIP 28N RANGE 18W MEADOW RAN	$1,780.88	2023 & PRIOR
10356	R0235402	34209200	MERIAM CARL	SECTION 27 TOWNSHIP 28N RANGE 18W MEADOW RAN	$42.90	2023
10357	R0235411	34209215	MARCH MARY RUTH ETAL 50	SECTION 27 TOWNSHIP 28N RANGE 18W MEADOW RAN	$201.05	2023 & PRIOR
10358	R0235427	34209222	SIMONS CHARLIE W	SECTION 27 TOWNSHIP 28N RANGE 18W MEADOW RAN	$705.16	2023 & PRIOR
10359	R0235514	34209225	CARROLL NICHOLAS A	SECTION 27 TOWNSHIP 28N RANGE 18W MEADOW RAN	$88.74	2023 & PRIOR
10360	R0235532	34209228	GAMEZ SANTIAGO	SECTION 27 TOWNSHIP 28N RANGE 18W MEADOW RAN	$50.86	2023
10361	R0235554	34209240	EDWARDS PAMELA Z	SECTION 27 TOWNSHIP 28N RANGE 18W MEADOW RAN	$658.50	2023 & PRIOR
10362	R0235603	34210256	DE ZHENG XIONG 50	SECTION 27 TOWNSHIP 28N RANGE 18W T28N R18W	$123.27	2023
10363	R0236089	34226402	EADS DUSTIN	SECTION 27 TOWNSHIP 28N RANGE 18W T28N R18W	$226.65	2023
10364	R0237221	34226410	PEARSON MABEL	SECTION 27 TOWNSHIP 28N RANGE 18W T28N R18W	$223.05	2023
10365	R0237238	34226418	PEARSON MABEL	SECTION 27 TOWNSHIP 28N RANGE 18W T28N R18W	$223.17	2023
10366	R0238766	34302054	WILSON JERRY D	SECTION 11 TOWNSHIP 28N RANGE 17W MEADVIEW U	$301.65	2023 & PRIOR
10367	R0238817	34302056	WILSON JERRY D	SECTION 11 TOWNSHIP 28N RANGE 17W MEADVIEW U	$301.65	2023 & PRIOR
10368	R0238819	34302137	LYSHLA ROGER E & LYND HEATHER M	SECTION 11 TOWNSHIP 28N RANGE 17W MEADVIEW U	$398.54	2023 & PRIOR
10369	R0239131	34302165	NEWMAN ELIZABETH D	SECTION 11 TOWNSHIP 28N RANGE 17W MEADVIEW U	$1,174.34	2023
10370	R0239187	34302209	LUND CLIFFORD H SR JT 50	SECTION 11 TOWNSHIP 28N RANGE 17W MEADVIEW U	$38.43	2023
10371	R0239619	34302286	TULLEYS BARBARA	SECTION 11 TOWNSHIP 28N RANGE 17W MEADVIEW U	$1,280.88	2023 & PRIOR
10372	R0239625	34302289	WELCH JAMES D	SECTION 11 TOWNSHIP 28N RANGE 17W MEADVIEW U	$105.19	2023
10373	R0239628	34302310	WELCH JAMES D	SECTION 11 TOWNSHIP 28N RANGE 17W MEADVIEW U	$105.19	2023
10374	R0239635	34302312	CASPER CAROL	SECTION 11 TOWNSHIP 28N RANGE 17W MEADVIEW U	$105.19	2023
10375	R0239638	34302313	CASPER CAROL	SECTION 11 TOWNSHIP 28N RANGE 17W MEADVIEW U	$105.19	2023
10376	R0239662	34302322	JOHNS HANS	SECTION 11 TOWNSHIP 28N RANGE 17W MEADVIEW U	$105.88	2023
10377	R0239674	34302328	JOHNS HANS	SECTION 11 TOWNSHIP 28N RANGE 17W MEADVIEW U	$105.88	2023
10378	R0239851	34303008	TUTTLE GARY E & LOIS E JT	SECTION 11 TOWNSHIP 28N RANGE 17W MEADVIEW U	$105.12	2023 & PRIOR
10379	R0239861	34303060	HARDY KENNETH B	SECTION 11 TOWNSHIP 28N RANGE 17W MEADVIEW U	$105.19	2023
10380	R0239903	34303071	PLESSKE MICHAEL JAY	SECTION 11 TOWNSHIP 28N RANGE 17W MEADVIEW U	$213.05	2023 & PRIOR
10381	R0239908	34303116	BALLIP CRAIG	SECTION 11 TOWNSHIP 28N RANGE 17W MEADVIEW U	$105.19	2023
10382	R0239913	34303121	LEMERE LLOYD	SECTION 11 TOWNSHIP 28N RANGE 17W MEADVIEW U	$691.32	2023 & PRIOR
10383	R0239931	34303135	CARMONA M BRIAN H & JUDY E JT	SECTION 11 TOWNSHIP 28N RANGE 17W MEADVIEW U	$148.56	2023
10384	R0239947	34304080	LOST BASIN HOLDINGS LLC	SECTION 11 TOWNSHIP 28N RANGE 17W MEADVIEW U	$93.20	2023
10385	R0239963	34304096	DOCTOR GREAT LAND LLC	SECTION 11 TOWNSHIP 28N RANGE 17W MEADVIEW U	$91.41	2023
10386	R0239981	34304097	SANBORN SCOTT LEE	SECTION 11 TOWNSHIP 28N RANGE 17W MEADVIEW U	$182.07	2023 & PRIOR
10387	R0239994	34304106	HIRSCH JEAN V ETAL	SECTION 15 TOWNSHIP 28N RANGE 17W MEADVIEW U	$3,076.75	2023 & PRIOR
10388	R0239999	34304113	LOST BASIN HOLDINGS LLC	SECTION 15 TOWNSHIP 28N RANGE 17W MEADVIEW U	$91.10	2023
10389	R0240005	34304119	LOST BASIN HOLDINGS LLC	SECTION 15 TOWNSHIP 28N RANGE 17W MEADVIEW U	$91.41	2023
10390	R0240011	34304120	LOST BASIN HOLDINGS LLC	SECTION 15 TOWNSHIP 28N RANGE 17W MEADVIEW U	$91.10	2023
10391	R0240017	34304124	LOST BASIN HOLDINGS LLC	SECTION 15 TOWNSHIP 28N RANGE 17W MEADVIEW U	$91.83	2023
10392	R0240023	34304128	LOST BASIN HOLDINGS LLC	SECTION 15 TOWNSHIP 28N RANGE 17W MEADVIEW U	$92.26	2023
10393	R0240029	34304129	LOST BASIN HOLDINGS LLC	SECTION 15 TOWNSHIP 28N RANGE 17W MEADVIEW U	$91.10	2023
10394	R0240035	34304135	LOST BASIN HOLDINGS LLC	SECTION 15 TOWNSHIP 28N RANGE 17W MEADVIEW U	$93.20	2023
10395	R0240041	34304138	LOST BASIN HOLDINGS LLC	SECTION 15 TOWNSHIP 28N RANGE 17W MEADVIEW U	$91.41	2023
10396	R0240047	34304147	SANBORN SCOTT L	SECTION 15 TOWNSHIP 28N RANGE 17W MEADVIEW U	$185.37	2023 & PRIOR
10397	R0240053	34304197	GRAND CANYON WEST ESTATES TR 1993	SECTION 15 TOWNSHIP 28N RANGE 17W MEADVIEW U	$968.49	2023 & PRIOR
10398	R0240059	34304198	GRAND CANYON WEST ESTATES TR 1994	SECTION 15 TOWNSHIP 28N RANGE 17W MEADVIEW U	$979.47	2023 & PRIOR
10399	R0240065	34304199	GRAND CANYON WEST ESTATES TR 1995	SECTION 15 TOWNSHIP 28N RANGE 17W MEADVIEW U	$988.42	2023 & PRIOR
10400	R0240071	34304200	GRAND CANYON WEST ESTATES TR 1996	SECTION 15 TOWNSHIP 28N RANGE 17W MEADVIEW U	$988.68	2023 & PRIOR
10401	R0240077	34304205	LOST BASIN HOLDINGS LLC	SECTION 15 TOWNSHIP 28N RANGE 17W MEADVIEW U	$91.83	2023
10402	R0240083	34304206	LOST BASIN HOLDINGS LLC	SECTION 15 TOWNSHIP 28N RANGE 17W MEADVIEW U	$91.10	2023
10403	R0240089	34304207	LOST BASIN HOLDINGS LLC	SECTION 15 TOWNSHIP 28N RANGE 17W MEADVIEW U	$93.20	2023
10404	R0240095	34304208	LOST BASIN HOLDINGS LLC	SECTION 15 TOWNSHIP 28N RANGE 17W MEADVIEW U	$91.41	2023
10405	R0240101	34304209	LOST BASIN HOLDINGS LLC	SECTION 15 TOWNSHIP 28N RANGE 17W MEADVIEW U	$91.10	2023
10406	R0240107	34304210	LOST BASIN HOLDINGS LLC	SECTION 15 TOWNSHIP 28N RANGE 17W MEADVIEW U	$93.20	2023
10407	R0240113	34304211	LOST BASIN HOLDINGS LLC	SECTION 15 TOWNSHIP 28N RANGE 17W MEADVIEW U	$91.41	2023
10408	R0240119	34304212	LOST BASIN HOLDINGS LLC	SECTION 15 TOWNSHIP 28N RANGE 17W MEADVIEW U	$91.83	2023
10409	R0240125	34304213	LOST BASIN HOLDINGS LLC	SECTION 15 TOWNSHIP 28N RANGE 17W MEADVIEW U	$92.26	2023
10410	R0240131	34304214	LOST BASIN HOLDINGS LLC	SECTION 15 TOWNSHIP 28N RANGE 17W MEADVIEW U	$89.34	2023
10411	R0240137	34304215	LOST BASIN HOLDINGS LLC	SECTION 15 TOWNSHIP 28N RANGE 17W MEADVIEW U	$92.26	2023
10412	R0240143	34304216	BELLMAN ERIC C & LEZNIE	SECTION 15 TOWNSHIP 28N RANGE 17W MEADVIEW U	$1,057.40	2023 & PRIOR
10413	R0240149	34304222	WORLDWIDE TELECOMM BROADCASTING INTL	SECTION 15 TOWNSHIP 28N RANGE 17W MEADVIEW U	$968.29	2023 & PRIOR
10414	R0240155	34304224	WORLDWIDE TELECOMM BROADCASTING INTL	SECTION 15 TOWNSHIP 28N RANGE 17W MEADVIEW U	$968.49	2023 & PRIOR
10415	R0240161	34304226	LOST BASIN HOLDINGS LLC	SECTION 15 TOWNSHIP 28N RANGE 17W MEADVIEW U	$91.41	2023
10416	R0240167	34304227	LOST BASIN HOLDINGS LLC	SECTION 15 TOWNSHIP 28N RANGE 17W MEADVIEW U	$89.77	2023
10417	R0240173	34304228	LOST BASIN HOLDINGS LLC	SECTION 15 TOWNSHIP 28N RANGE 17W MEADVIEW U	$91.71	2023
10418	R0240179	34304229	REEDER KATHRYN J JT 50	SECTION 15 TOWNSHIP 28N RANGE 17W MEADVIEW U	$182.07	2023 & PRIOR
10419	R0240185	34304230	LOST BASIN HOLDINGS LLC	SECTION 15 TOWNSHIP 28N RANGE 17W MEADVIEW U	$95.89	2023
10420	R0240191	34304231	LOST BASIN HOLDINGS LLC	SECTION 15 TOWNSHIP 28N RANGE 17W MEADVIEW U	$101.07	2023
10421	R0240197	34304232	FURMAN PAM	SECTION 15 TOWNSHIP 28N RANGE 17W MEADVIEW U	$1,603.82	2023 & PRIOR
10422	R0240203	34304233	LOST BASIN HOLDINGS LLC	SECTION 15 TOWNSHIP 28N RANGE 17W MEADVIEW U	$91.10	2023
10423	R0240209	34304234	GRAND CANYON WEST ESTATES TR 1994	SECTION 15 TOWNSHIP 28N RANGE 17W MEADVIEW U	$968.49	2023 & PRIOR
10424	R0240215	34304235	LOST BASIN HOLDINGS LLC	SECTION 15 TOWNSHIP 28N RANGE 17W MEADVIEW U	$89.77	2023
10425	R0240221	34304236	LOST BASIN HOLDINGS LLC	SECTION 15 TOWNSHIP 28N RANGE 17W MEADVIEW U	$88.61	2023
10426	R0240227	34304237	GRAND CANYON WEST ESTATES TR 1995	SECTION 15 TOWNSHIP 28N RANGE 17W MEADVIEW U	$2,551.23	2023 & PRIOR
10427	R0240233	34304238	LOST BASIN HOLDINGS LLC	SECTION 15 TOWNSHIP 28N RANGE 17W MEADVIEW U	$88.48	2023
10428	R0240239	34304239	LOST BASIN HOLDINGS LLC	SECTION 15 TOWNSHIP 28N RANGE 17W MEADVIEW U	$91.41	2023
10429	R0240245	34304240	LOST BASIN HOLDINGS LLC	SECTION 15 TOWNSHIP 28N RANGE 17W MEADVIEW U	$91.41	2023
10430	R0240251	34304241	LOST BASIN HOLDINGS LLC	SECTION 15 TOWNSHIP 28N RANGE 17W MEADVIEW U	$91.10	2023
10431	R0240257	34304242	LOST BASIN HOLDINGS LLC	SECTION 15 TOWNSHIP 28N RANGE 17W MEADVIEW U	$97.60	2023
10432	R0240263	34304243	MOUNTAIN WEST VENTURES LLC	SECTION 15 TOWNSHIP 28N RANGE 17W MEADVIEW U	$208.00	2023 & PRIOR
10433	R0240269	34304244	HARTING DAVID E & MICHELLE	SECTION 15 TOWNSHIP 28N RANGE 17W MEADVIEW U	$182.90	2023 & PRIOR
10434	R0240275	34304245	BETHUNE RONNIE F	SECTION 15 TOWNSHIP 28N RANGE 17W MEADVIEW U	$1,027.21	2023 & PRIOR
10435	R0240281	34304246	FRANK LEONARD W	SECTION 15 TOWNSHIP 28N RANGE 17W MEADVIEW U	$1,086.73	2023 & PRIOR
10436	R0240287	34304247	WEBSTER LOAN SERVICING CORP	SECTION 15 TOWNSHIP 28N RANGE 17W MEADVIEW U	$1,126.20	2023 & PRIOR
10437	R0240293	34304248	SMITH JULES D	SECTION 15 TOWNSHIP 28N RANGE 17W MEADVIEW U	$105.19	2023
10438	R0240299	34304249	WELCH JAMES D	SECTION 15 TOWNSHIP 28N RANGE 17W MEADVIEW U	$182.07	2023 & PRIOR
10439	R0240305	34304250	MURPHY RICHARD W R 50	SECTION 15 TOWNSHIP 28N RANGE 17W MEADVIEW U	$162.96	2023 & PRIOR
10440	R0240311	34304251	MANSFIELD HEIDI	SECTION 15 TOWNSHIP 28N RANGE 17W MEADVIEW U	$289.95	2023 & PRIOR
10441	R0240317	34304252	SCHLEGEL KIMBER	SECTION 15 TOWNSHIP 28N RANGE 17W MEADVIEW U	$429.47	2023 & PRIOR
10442	R0240323	34304253	RAYMOND DAVID L & TERESA J JT	SECTION 15 TOWNSHIP 28N RANGE 17W MEADVIEW U	$392.65	2023 & PRIOR
10443	R0240329	34304254	FINN BEVERLY L	SECTION 15 TOWNSHIP 28N RANGE 17W MEADVIEW U	$438.69	2023 & PRIOR
10444	R0240335	34304255	THEODORE VILLIAM	SECTION 15 TOWNSHIP 28N RANGE 17W MEADVIEW U	$123.37	2023 & PRIOR
10445	R0240341	34304256	ALBRIGHT SHAWNA	SECTION 15 TOWNSHIP 28N RANGE 17W MEADVIEW U	$121.55	2023 & PRIOR
10446	R0240347	34304257	KREIER ANDREW J	SECTION 15 TOWNSHIP 28N RANGE 17W MEADVIEW U	$118.96	2023 & PRIOR
10447	R0240353	34304258	GLENDENNING LEONARD	SECTION 15 TOWNSHIP 28N RANGE 17W MEADVIEW U	$144.38	2023 & PRIOR
10448	R0240359	34304259	BLACK GREG E & LORRAINE D BYRNES	SECTION 15 TOWNSHIP 28N RANGE 17W MEADVIEW U	$375.99	2023 & PRIOR
10449	R0240365	34304260	BOHAN ALLEN & MARIA D JT	SECTION 15 TOWNSHIP 28N RANGE 17W MEADVIEW U	$102.80	2023 & PRIOR
10450	R0240371	34304261	HEISTIS LARRY D & ELIZABETH M JT	SECTION 15 TOWNSHIP 28N RANGE 17W MEADVIEW U	$350.29	2023 & PRIOR
10451	R0240377	34304262	PETERSON CYNTHIA	SECTION 15 TOWNSHIP 28N RANGE 17W MEADVIEW U	$2,214.39	2023 & PRIOR
10452	R0240383	34304263	SMITH RICHARD	SECTION 15 TOWNSHIP 28N RANGE 17W MEADVIEW U	$102.80	2023 & PRIOR
10453	R0240389	34304264	TAYLOR BRUNE FAMILY TRUST	SECTION 15 TOWNSHIP 28N RANGE 17W MEADVIEW U	$362.95	2023 & PRIOR
10454	R0240395	34304265	TAYLOR RAYMOND H & DELIA JT	SECTION 15 TOWNSHIP 28N RANGE 17W MEADVIEW U	$437.65	2023 & PRIOR
10455	R0240401	34304266	DEL NUDIO LOUIE F & MARY C (PVRS	SECTION 15 TOWNSHIP 28N RANGE 17W MEADVIEW U	$2,288.38	2023 & PRIOR
10456	R0240407	34304267	LINAN DEBRA L 50	SECTION 15 TOWNSHIP 28N RANGE 17W MEADVIEW U	$1,009.45	2023 & PRIOR
10457	R0240413	34304268	KOPPEN DEBORAH	SECTION 15 TOWNSHIP 28N RANGE 17W MEADVIEW U	$91.21	2023
10458	R0240419	34304269	YTROTTE LLC	SECTION 15 TOWNSHIP 28N RANGE 17W MEADVIEW U	$202.56	2023 & PRIOR
10459	R0240425	34304270	GREEN JEFFREY	SECTION 15 TOWNSHIP 28N RANGE 17W MEADVIEW U	$105.19	2023
10460	R0240431	34304271	SANBORN SCOTT L	SECTION 15 TOWNSHIP 28N RANGE 17W MEADVIEW U	$182.07	2023 & PRIOR
10461	R0240437	34304272	MADENBERG MICHAEL	SECTION 15 TOWNSHIP 28N RANGE 17W MEADVIEW U	$105.19	2023
10462	R0240443	34304273	HUNT JOHN W	SECTION 15 TOWNSHIP 28N RANGE 17W MEADVIEW U	$182.07	2023 & PRIOR
10463	R0240449	34304274	TAKOOR KEVIN W	SECTION 15 TOWNSHIP 28N RANGE 17W MEADVIEW U	$298.11	2023 & PRIOR
10464	R0240455	34304275	KOPPEN DEBORAH	SECTION 15 TOWNSHIP 28N RANGE 17W MEADVIEW U	$182.07	2023 & PRIOR
10465	R0240461	34304276	RIESLING NOLA G	SECTION 15 TOWNSHIP 28N RANGE 17W MEADVIEW U	$2,284.26	2023 & PRIOR
10466	R0240467	34304277	DOCTOR GREAT LAND LLC	SECTION 15 TOWNSHIP 28N RANGE 17W MEADVIEW U	$184.95	2023 & PRIOR
10467	R0240473	34304278	RUMFH CLARE	SECTION 15 TOWNSHIP 28N RANGE 17W MEADVIEW U	$1,161.40	2023 & PRIOR
10468	R0240479	34304279	NEWMAN CAROL	SECTION 15 TOWNSHIP 28N RANGE 17W MEADVIEW U	$182.07	2023 & PRIOR
10469	R0240485	34304280	FENWICK DANIEL L & LIZETE JT	SECTION 15 TOWNSHIP 28N RANGE 17W MEADVIEW U	$182.07	2023 & PRIOR
10470	R0240491	34304281	LORENZO RAMON R & REYES MARIA E	SECTION 15 TOWNSHIP 28N RANGE 17W MEADVIEW U	$2,216.15	2023 & PRIOR
10471	R0240497	34304282	BDEMERA MARIN & ALAZENA	SECTION 15 TOWNSHIP 28N RANGE 17W MEADVIEW U	$677.54	2023 & PRIOR
10472	R0240503	34304283	CRISTEAD GORDON L	SECTION 15 TOWNSHIP 28N RANGE 17W MEADVIEW U	$91.10	2023
10473	R0240509	34304284	CLARK VILLA E	SECTION 15 TOWNSHIP 28N RANGE 17W MEADVIEW U	$96.85	2023
10474	R0240515	34304285	CLARK VILLA E	SECTION 15 TOWNSHIP 28N RANGE 17W MEADVIEW U	$94.30	2023
10475	R0240521	34304286	CLARK SIBERIN & VILA JT	SECTION 15 TOWNSHIP 28N RANGE 17W MEADVIEW U	$91.65	2023
10476	R0240527	34304287	HANCOCK PERRISCI ROSANNA L	SECTION 15 TOWNSHIP 28N RANGE 17W MEADVIEW U	$182.07	2023 & PRIOR
10477	R0240533	34304288	CHAS THE EXPLORER LLC	SECTION 15 TOWNSHIP 28N RANGE 17W MEADVIEW U	$466.56	2023 & PRIOR
10478	R0240539	34304289	LONGFERN LAND LP	SECTION 15 TOWNSHIP 28N RANGE 17W MEADVIEW U	$1,515.83	2023 & PRIOR
10479	R0240545	34304290	CRAWFORD CHARLES & WINONA	SECTION 15 TOWNSHIP 28N RANGE 17W MEADVIEW U	$1,380.30	2023 & PRIOR
10480	R0240551	34304291	KOLCKEE IRRESIN	SECTION 15 TOWNSHIP 28N RANGE 17W MEADVIEW U	$1,091.80	2023 & PRIOR
10481	R0240557	34304292	DEWARDER FRANKIE & LEE TRUSTEES	SECTION 15 TOWNSHIP 28N RANGE 17W MEADVIEW U	$1,097.96	2023 & PRIOR
10482	R0240563	34304293	DOCTOR GREAT LAND LLC	SECTION 15 TOWNSHIP 28N RANGE 17W MEADVIEW U	$182.07	2023 & PRIOR
10483	R0240569	34304294	WOLFF ANNETTE	SECTION 15 TOWNSHIP 28N RANGE 17W MEADVIEW U	$92.45	2023
